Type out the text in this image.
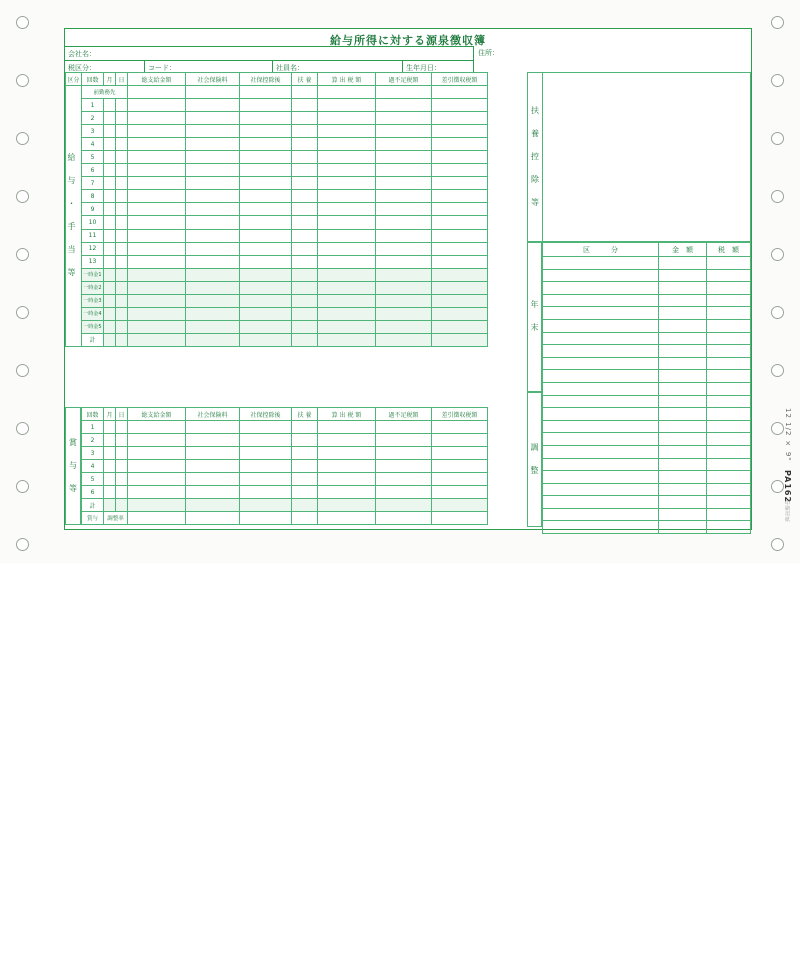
給与所得に対する源泉徴収簿
会社名：
税区分：	コード：	社員名：	生年月日：
住所：
区分	回数	月	日	総支給金額	社会保険料	社保控除後	扶 養	算 出 税 額	過不足税額	差引徴収税額

給 与 ・ 手 当 等	前勤務先									
	1									
	2									
	3									
	4									
	5									
	6									
	7									
	8									
	9									
	10									
	11									
	12									
	13									
	一時金1									
	一時金2									
	一時金3									
	一時金4									
	一時金5									
	計									
賞 与 等
回数	月	日	総支給金額	社会保険料	社保控除後	扶 養	算 出 税 額	過不足税額	差引徴収税額
1									
2									
3									
4									
5									
6									
計									
賞与	調整率								
扶 養 控 除 等
年 末
調 整
区　　　分	金　額	税　額

12 1/2 × 9"
PA162
印刷用紙
